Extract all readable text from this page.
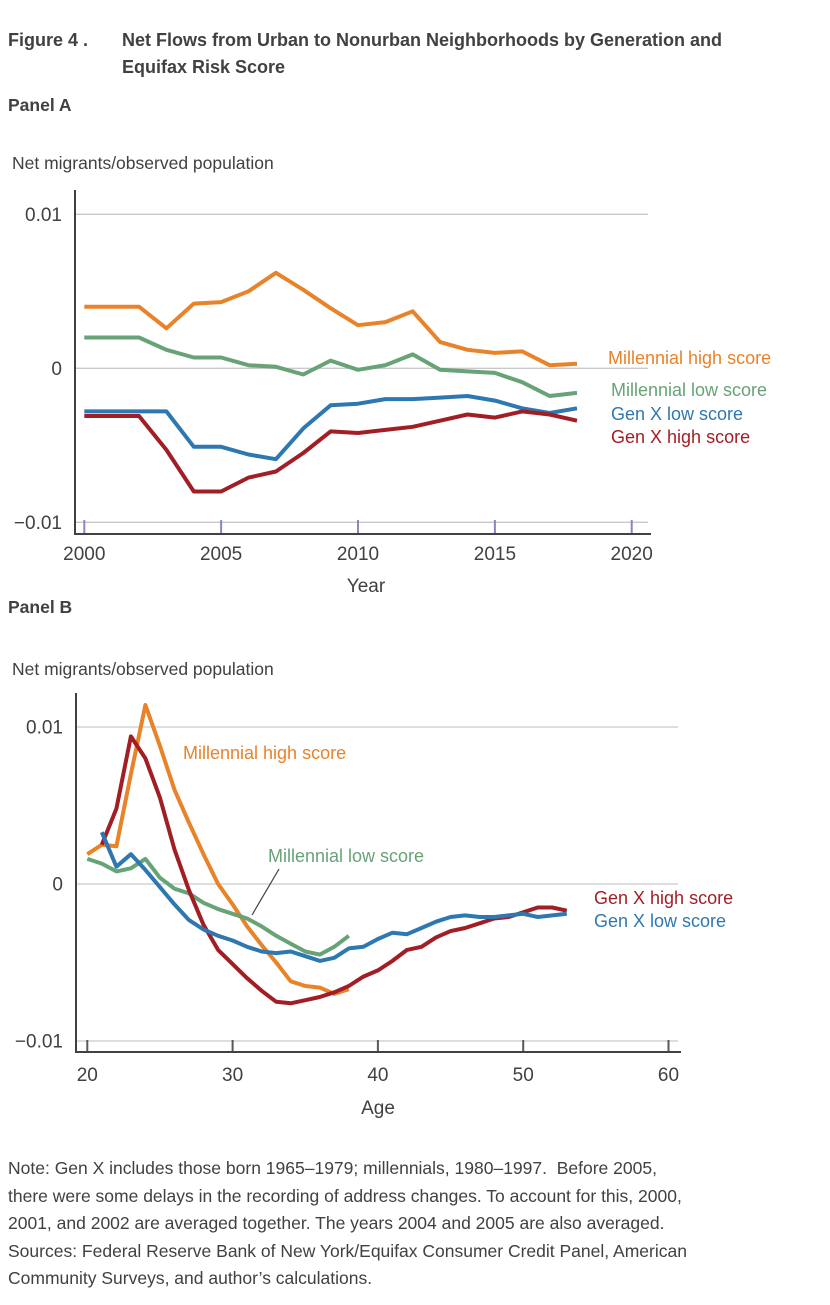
Figure 4 .	Net Flows from Urban to Nonurban Neighborhoods by Generation and
Equifax Risk Score
Panel A
Net migrants/observed population
Panel B
Net migrants/observed population
2000	2005	2010	2015	2020
0.01
0
−0.01
Year
Millennial high score
Millennial low score
Gen X low score
Gen X high score
20	30	40	50	60
0.01
0
−0.01
Age
Millennial high score
Millennial low score
Gen X high score
Gen X low score
Note: Gen X includes those born 1965–1979; millennials, 1980–1997.  Before 2005,
there were some delays in the recording of address changes. To account for this, 2000,
2001, and 2002 are averaged together. The years 2004 and 2005 are also averaged.
Sources: Federal Reserve Bank of New York/Equifax Consumer Credit Panel, American
Community Surveys, and author’s calculations.
